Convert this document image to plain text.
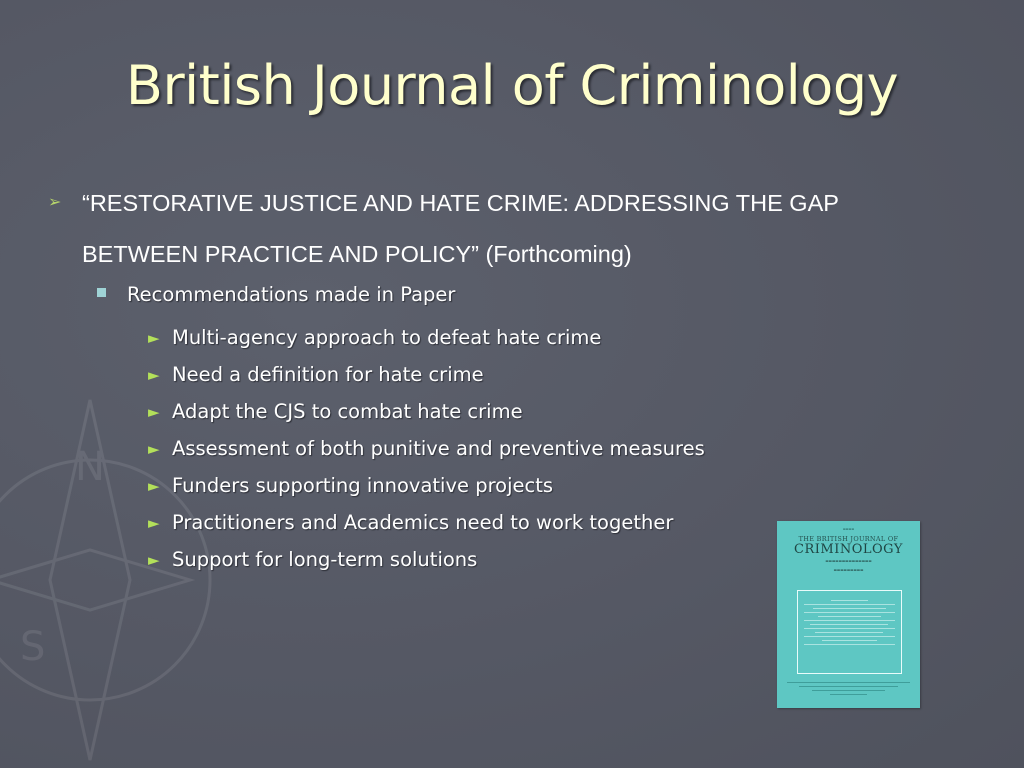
N
S
British Journal of Criminology
➢ “RESTORATIVE JUSTICE AND HATE CRIME: ADDRESSING THE GAP BETWEEN PRACTICE AND POLICY” (Forthcoming)
Recommendations made in Paper
► Multi-agency approach to defeat hate crime
► Need a definition for hate crime
► Adapt the CJS to combat hate crime
► Assessment of both punitive and preventive measures
► Funders supporting innovative projects
► Practitioners and Academics need to work together
► Support for long-term solutions
▬▬▬▬
THE BRITISH JOURNAL OF
CRIMINOLOGY
▬▬▬▬▬▬▬▬▬▬▬▬▬▬
▬▬▬▬▬▬▬▬▬
